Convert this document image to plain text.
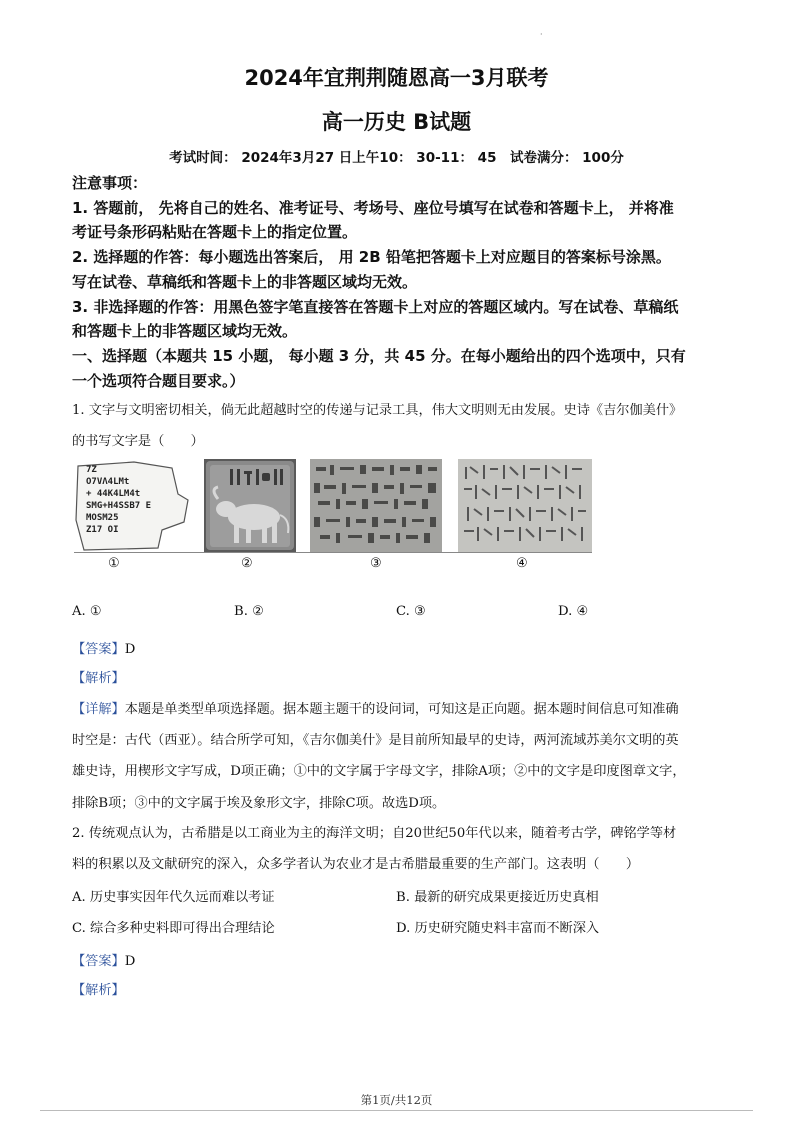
·
2024年宜荆荆随恩高一3月联考
高一历史 B试题
考试时间： 2024年3月27 日上午10： 30-11： 45　试卷满分： 100分
注意事项：
1. 答题前， 先将自己的姓名、准考证号、考场号、座位号填写在试卷和答题卡上， 并将准
考证号条形码粘贴在答题卡上的指定位置。
2. 选择题的作答：每小题选出答案后， 用 2B 铅笔把答题卡上对应题目的答案标号涂黑。
写在试卷、草稿纸和答题卡上的非答题区域均无效。
3. 非选择题的作答：用黑色签字笔直接答在答题卡上对应的答题区域内。写在试卷、草稿纸
和答题卡上的非答题区域均无效。
一、选择题（本题共 15 小题， 每小题 3 分，共 45 分。在每小题给出的四个选项中，只有
一个选项符合题目要求。）
1. 文字与文明密切相关，倘无此超越时空的传递与记录工具，伟大文明则无由发展。史诗《吉尔伽美什》
的书写文字是（　　）
7Z
O7VΛ4LMt
+ 44K4LM4t
SMG+H4SSB7 E
MOSM25
Z17 OI
①	②	③	④
A. ①	B. ②	C. ③	D. ④
【答案】D
【解析】
【详解】本题是单类型单项选择题。据本题主题干的设问词，可知这是正向题。据本题时间信息可知准确
时空是：古代（西亚）。结合所学可知，《吉尔伽美什》是目前所知最早的史诗，两河流域苏美尔文明的英
雄史诗，用楔形文字写成，D项正确；①中的文字属于字母文字，排除A项；②中的文字是印度图章文字，
排除B项；③中的文字属于埃及象形文字，排除C项。故选D项。
2. 传统观点认为，古希腊是以工商业为主的海洋文明；自20世纪50年代以来，随着考古学，碑铭学等材
料的积累以及文献研究的深入，众多学者认为农业才是古希腊最重要的生产部门。这表明（　　）
A. 历史事实因年代久远而难以考证	B. 最新的研究成果更接近历史真相
C. 综合多种史料即可得出合理结论	D. 历史研究随史料丰富而不断深入
【答案】D
【解析】
第1页/共12页
